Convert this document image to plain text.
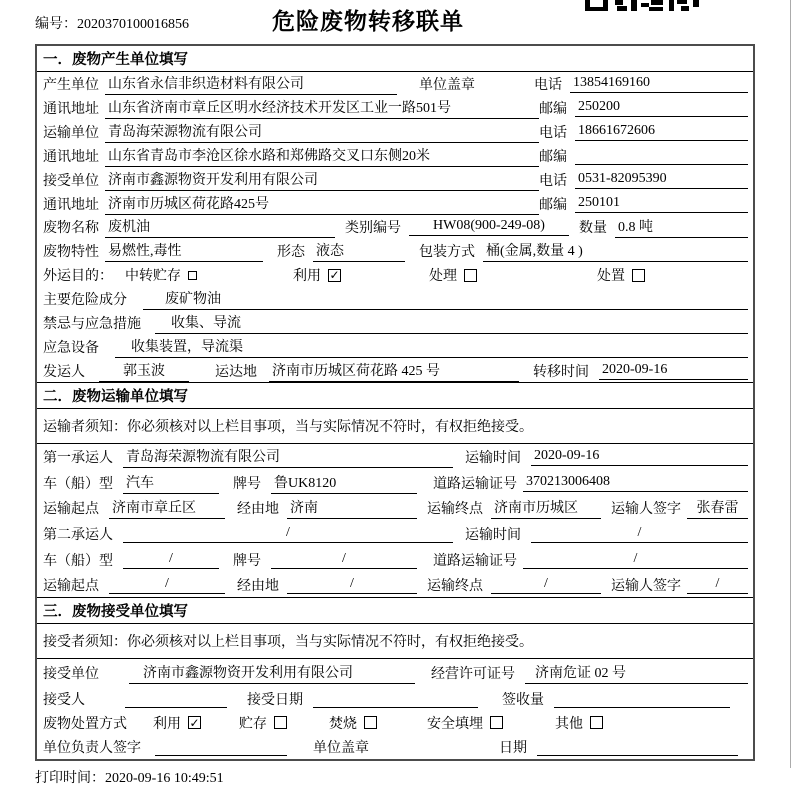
编号：2020370100016856	危险废物转移联单
一．废物产生单位填写
产生单位 山东省永信非织造材料有限公司	单位盖章	电话 13854169160
通讯地址 山东省济南市章丘区明水经济技术开发区工业一路501号	邮编 250200
运输单位 青岛海荣源物流有限公司	电话 18661672606
通讯地址 山东省青岛市李沧区徐水路和郑佛路交叉口东侧20米	邮编
接受单位 济南市鑫源物资开发利用有限公司	电话 0531-82095390
通讯地址 济南市历城区荷花路425号	邮编 250101
废物名称 废机油	类别编号	HW08(900-249-08)	数量 0.8 吨
废物特性 易燃性,毒性	形态 液态	包装方式 桶(金属,数量 4 )
外运目的： 中转贮存	利用 ✓	处理	处置
主要危险成分	废矿物油
禁忌与应急措施	收集、导流
应急设备	收集装置，导流渠
发运人	郭玉波	运达地 济南市历城区荷花路 425 号	转移时间 2020-09-16
二．废物运输单位填写
运输者须知：你必须核对以上栏目事项，当与实际情况不符时，有权拒绝接受。
第一承运人 青岛海荣源物流有限公司	运输时间 2020-09-16
车（船）型 汽车	牌号 鲁UK8120	道路运输证号 370213006408
运输起点 济南市章丘区	经由地 济南	运输终点 济南市历城区	运输人签字	张春雷
第二承运人	/	运输时间	/
车（船）型	/	牌号	/	道路运输证号	/
运输起点	/	经由地	/	运输终点	/	运输人签字	/
三．废物接受单位填写
接受者须知：你必须核对以上栏目事项，当与实际情况不符时，有权拒绝接受。
接受单位	济南市鑫源物资开发利用有限公司	经营许可证号	济南危证 02 号
接受人	接受日期	签收量
废物处置方式 利用 ✓	贮存	焚烧	安全填埋	其他
单位负责人签字	单位盖章	日期
打印时间：2020-09-16 10:49:51
